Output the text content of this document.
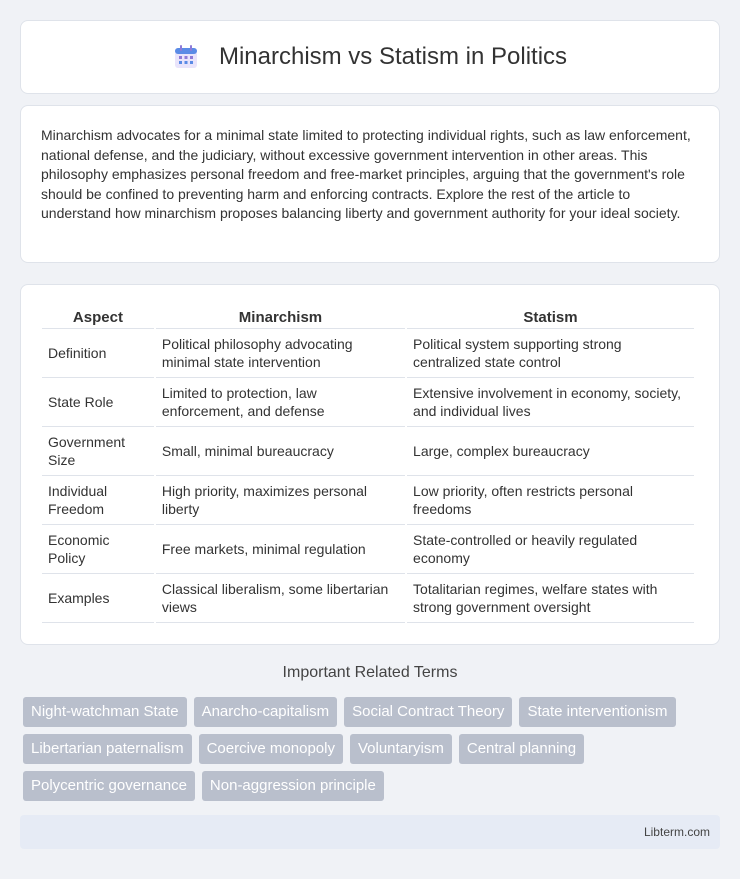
Minarchism vs Statism in Politics

Minarchism advocates for a minimal state limited to protecting individual rights, such as law enforcement, national defense, and the judiciary, without excessive government intervention in other areas. This philosophy emphasizes personal freedom and free-market principles, arguing that the government's role should be confined to preventing harm and enforcing contracts. Explore the rest of the article to understand how minarchism proposes balancing liberty and government authority for your ideal society.

Aspect	Minarchism	Statism
Definition	Political philosophy advocating minimal state intervention	Political system supporting strong centralized state control
State Role	Limited to protection, law enforcement, and defense	Extensive involvement in economy, society, and individual lives
Government Size	Small, minimal bureaucracy	Large, complex bureaucracy
Individual Freedom	High priority, maximizes personal liberty	Low priority, often restricts personal freedoms
Economic Policy	Free markets, minimal regulation	State-controlled or heavily regulated economy
Examples	Classical liberalism, some libertarian views	Totalitarian regimes, welfare states with strong government oversight
Important Related Terms
Night-watchman State	Anarcho-capitalism	Social Contract Theory	State interventionism
Libertarian paternalism	Coercive monopoly	Voluntaryism	Central planning
Polycentric governance	Non-aggression principle
Libterm.com
